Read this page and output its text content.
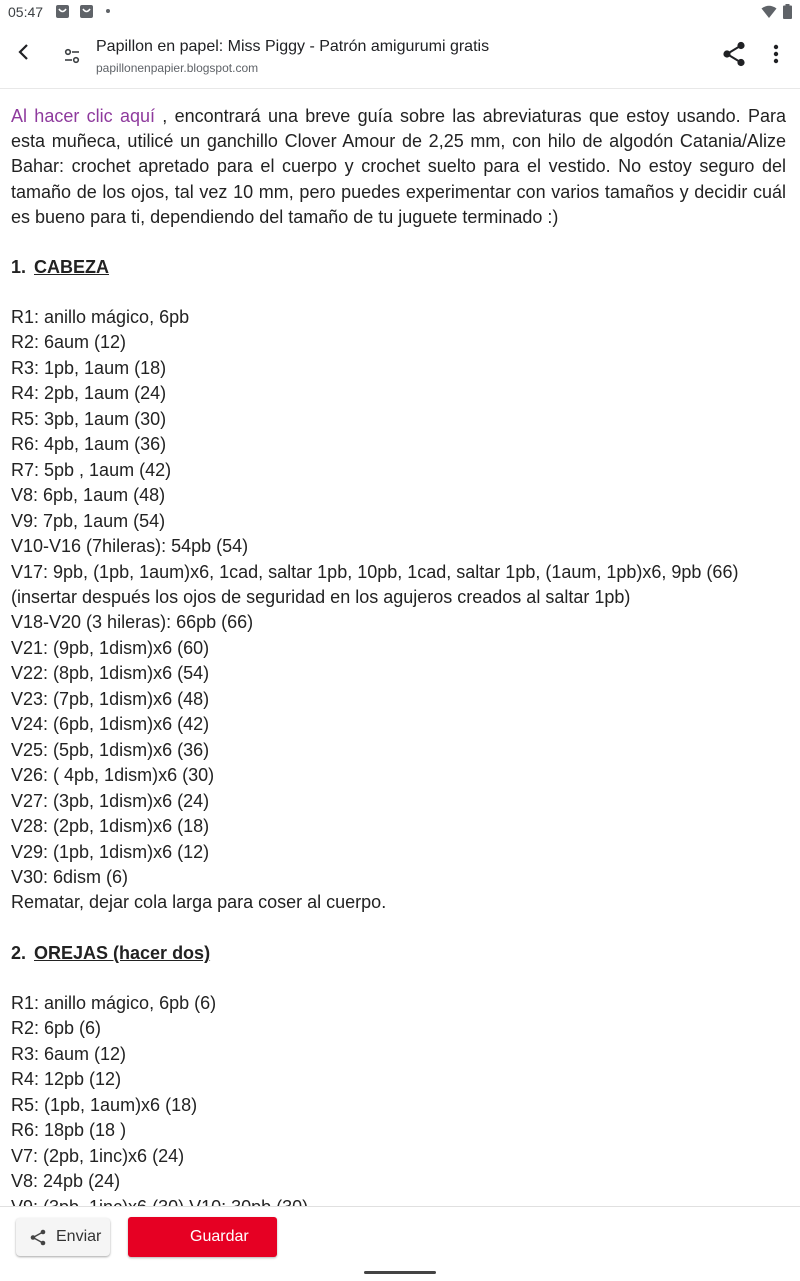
05:47
Papillon en papel: Miss Piggy - Patrón amigurumi gratis
papillonenpapier.blogspot.com

Al hacer clic aquí , encontrará una breve guía sobre las abreviaturas que estoy usando. Para esta muñeca, utilicé un ganchillo Clover Amour de 2,25 mm, con hilo de algodón Catania/Alize Bahar: crochet apretado para el cuerpo y crochet suelto para el vestido. No estoy seguro del tamaño de los ojos, tal vez 10 mm, pero puedes experimentar con varios tamaños y decidir cuál es bueno para ti, dependiendo del tamaño de tu juguete terminado :)

1. CABEZA
R1: anillo mágico, 6pb
R2: 6aum (12)
R3: 1pb, 1aum (18)
R4: 2pb, 1aum (24)
R5: 3pb, 1aum (30)
R6: 4pb, 1aum (36)
R7: 5pb , 1aum (42)
V8: 6pb, 1aum (48)
V9: 7pb, 1aum (54)
V10-V16 (7hileras): 54pb (54)
V17: 9pb, (1pb, 1aum)x6, 1cad, saltar 1pb, 10pb, 1cad, saltar 1pb, (1aum, 1pb)x6, 9pb (66)
(insertar después los ojos de seguridad en los agujeros creados al saltar 1pb)
V18-V20 (3 hileras): 66pb (66)
V21: (9pb, 1dism)x6 (60)
V22: (8pb, 1dism)x6 (54)
V23: (7pb, 1dism)x6 (48)
V24: (6pb, 1dism)x6 (42)
V25: (5pb, 1dism)x6 (36)
V26: ( 4pb, 1dism)x6 (30)
V27: (3pb, 1dism)x6 (24)
V28: (2pb, 1dism)x6 (18)
V29: (1pb, 1dism)x6 (12)
V30: 6dism (6)
Rematar, dejar cola larga para coser al cuerpo.
2. OREJAS (hacer dos)
R1: anillo mágico, 6pb (6)
R2: 6pb (6)
R3: 6aum (12)
R4: 12pb (12)
R5: (1pb, 1aum)x6 (18)
R6: 18pb (18 )
V7: (2pb, 1inc)x6 (24)
V8: 24pb (24)
Enviar	Guardar
